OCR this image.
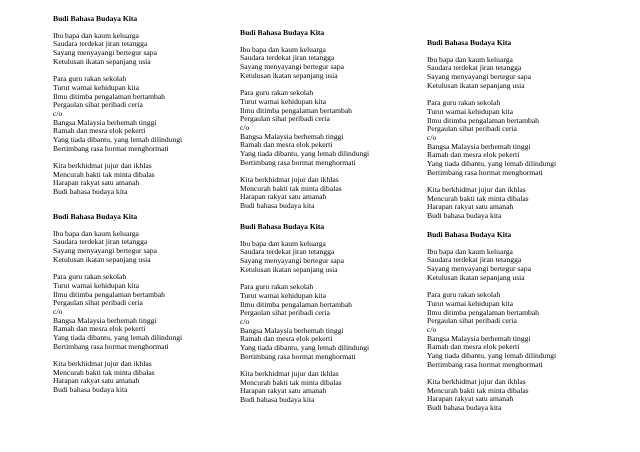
Budi Bahasa Budaya Kita
Ibu bapa dan kaum keluarga
Saudara terdekat jiran tetangga
Sayang menyayangi bertegur sapa
Ketulusan ikatan sepanjang usia
Para guru rakan sekolah
Turut warnai kehidupan kita
Ilmu ditimba pengalaman bertambah
Pergaulan sihat peribadi ceria
c/o
Bangsa Malaysia berhemah tinggi
Ramah dan mesra elok pekerti
Yang tiada dibantu, yang lemah dilindungi
Bertimbang rasa hormat menghormati
Kita berkhidmat jujur dan ikhlas
Mencurah bakti tak minta dibalas
Harapan rakyat satu amanah
Budi bahasa budaya kita
Budi Bahasa Budaya Kita
Ibu bapa dan kaum keluarga
Saudara terdekat jiran tetangga
Sayang menyayangi bertegur sapa
Ketulusan ikatan sepanjang usia
Para guru rakan sekolah
Turut warnai kehidupan kita
Ilmu ditimba pengalaman bertambah
Pergaulan sihat peribadi ceria
c/o
Bangsa Malaysia berhemah tinggi
Ramah dan mesra elok pekerti
Yang tiada dibantu, yang lemah dilindungi
Bertimbang rasa hormat menghormati
Kita berkhidmat jujur dan ikhlas
Mencurah bakti tak minta dibalas
Harapan rakyat satu amanah
Budi bahasa budaya kita
Budi Bahasa Budaya Kita
Ibu bapa dan kaum keluarga
Saudara terdekat jiran tetangga
Sayang menyayangi bertegur sapa
Ketulusan ikatan sepanjang usia
Para guru rakan sekolah
Turut warnai kehidupan kita
Ilmu ditimba pengalaman bertambah
Pergaulan sihat peribadi ceria
c/o
Bangsa Malaysia berhemah tinggi
Ramah dan mesra elok pekerti
Yang tiada dibantu, yang lemah dilindungi
Bertimbang rasa hormat menghormati
Kita berkhidmat jujur dan ikhlas
Mencurah bakti tak minta dibalas
Harapan rakyat satu amanah
Budi bahasa budaya kita
Budi Bahasa Budaya Kita
Ibu bapa dan kaum keluarga
Saudara terdekat jiran tetangga
Sayang menyayangi bertegur sapa
Ketulusan ikatan sepanjang usia
Para guru rakan sekolah
Turut warnai kehidupan kita
Ilmu ditimba pengalaman bertambah
Pergaulan sihat peribadi ceria
c/o
Bangsa Malaysia berhemah tinggi
Ramah dan mesra elok pekerti
Yang tiada dibantu, yang lemah dilindungi
Bertimbang rasa hormat menghormati
Kita berkhidmat jujur dan ikhlas
Mencurah bakti tak minta dibalas
Harapan rakyat satu amanah
Budi bahasa budaya kita
Budi Bahasa Budaya Kita
Ibu bapa dan kaum keluarga
Saudara terdekat jiran tetangga
Sayang menyayangi bertegur sapa
Ketulusan ikatan sepanjang usia
Para guru rakan sekolah
Turut warnai kehidupan kita
Ilmu ditimba pengalaman bertambah
Pergaulan sihat peribadi ceria
c/o
Bangsa Malaysia berhemah tinggi
Ramah dan mesra elok pekerti
Yang tiada dibantu, yang lemah dilindungi
Bertimbang rasa hormat menghormati
Kita berkhidmat jujur dan ikhlas
Mencurah bakti tak minta dibalas
Harapan rakyat satu amanah
Budi bahasa budaya kita
Budi Bahasa Budaya Kita
Ibu bapa dan kaum keluarga
Saudara terdekat jiran tetangga
Sayang menyayangi bertegur sapa
Ketulusan ikatan sepanjang usia
Para guru rakan sekolah
Turut warnai kehidupan kita
Ilmu ditimba pengalaman bertambah
Pergaulan sihat peribadi ceria
c/o
Bangsa Malaysia berhemah tinggi
Ramah dan mesra elok pekerti
Yang tiada dibantu, yang lemah dilindungi
Bertimbang rasa hormat menghormati
Kita berkhidmat jujur dan ikhlas
Mencurah bakti tak minta dibalas
Harapan rakyat satu amanah
Budi bahasa budaya kita
